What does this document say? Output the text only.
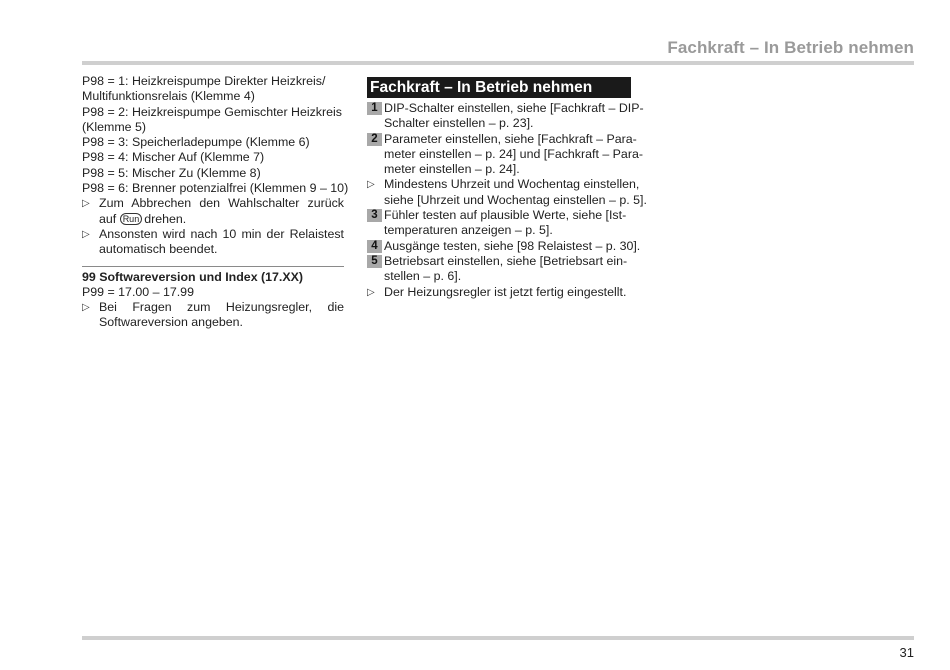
Fachkraft – In Betrieb nehmen
P98 = 1: Heizkreispumpe Direkter Heizkreis/
Multifunktionsrelais (Klemme 4)
P98 = 2: Heizkreispumpe Gemischter Heizkreis
(Klemme 5)
P98 = 3: Speicherladepumpe (Klemme 6)
P98 = 4: Mischer Auf (Klemme 7)
P98 = 5: Mischer Zu (Klemme 8)
P98 = 6: Brenner potenzialfrei (Klemmen 9 – 10)
▷ Zum Abbrechen den Wahlschalter zurück auf Run drehen.
▷ Ansonsten wird nach 10 min der Relaistest automatisch beendet.
99 Softwareversion und Index (17.XX)
P99 = 17.00 – 17.99
▷ Bei Fragen zum Heizungsregler, die Softwareversion angeben.
Fachkraft – In Betrieb nehmen
1 DIP-Schalter einstellen, siehe [Fachkraft – DIP-
Schalter einstellen – p. 23].
2 Parameter einstellen, siehe [Fachkraft – Para-
meter einstellen – p. 24] und [Fachkraft – Para-
meter einstellen – p. 24].
▷ Mindestens Uhrzeit und Wochentag einstellen,
siehe [Uhrzeit und Wochentag einstellen – p. 5].
3 Fühler testen auf plausible Werte, siehe [Ist-
temperaturen anzeigen – p. 5].
4 Ausgänge testen, siehe [98 Relaistest – p. 30].
5 Betriebsart einstellen, siehe [Betriebsart ein-
stellen – p. 6].
▷ Der Heizungsregler ist jetzt fertig eingestellt.
31
